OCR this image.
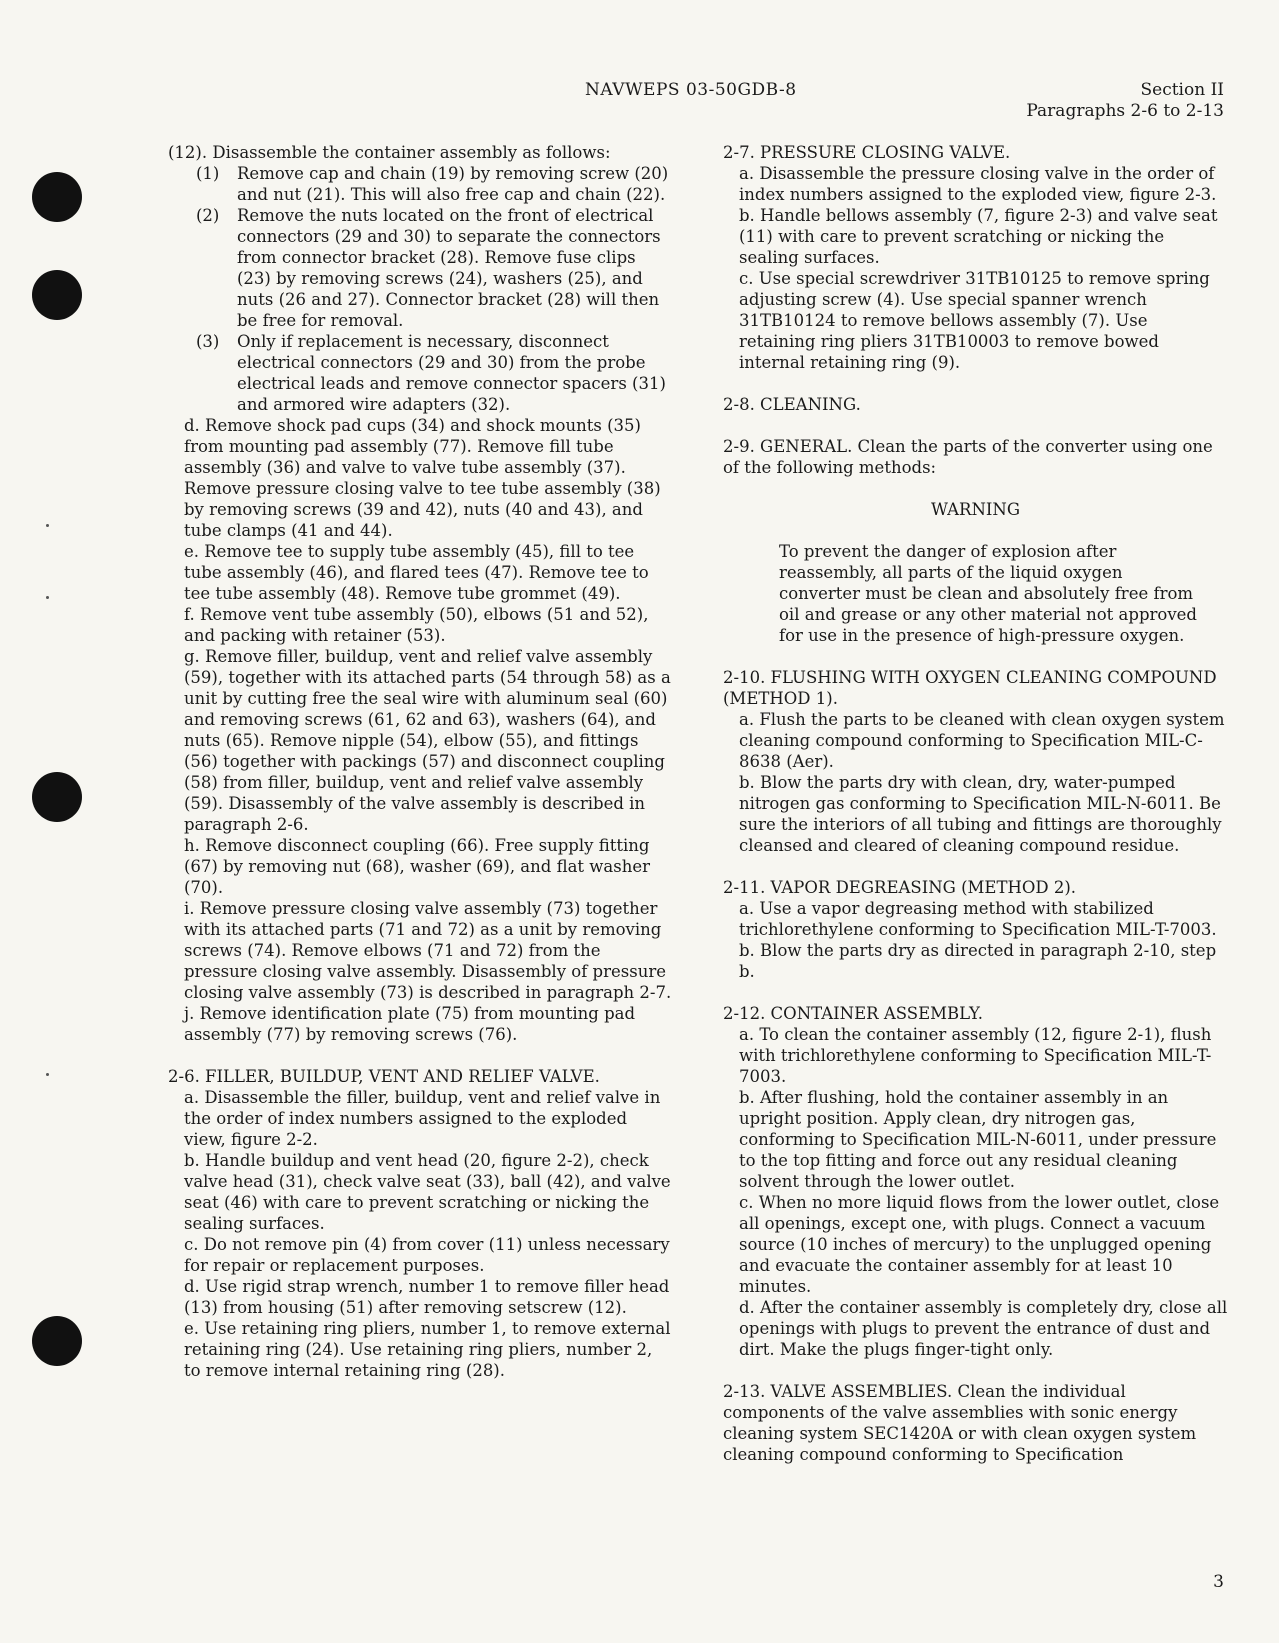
NAVWEPS 03-50GDB-8	Section II
Paragraphs 2-6 to 2-13

(12). Disassemble the container assembly as follows:

(1)	Remove cap and chain (19) by removing screw (20) and nut (21). This will also free cap and chain (22).
(2)	Remove the nuts located on the front of electrical connectors (29 and 30) to separate the connectors from connector bracket (28). Remove fuse clips (23) by removing screws (24), washers (25), and nuts (26 and 27). Connector bracket (28) will then be free for removal.
(3)	Only if replacement is necessary, disconnect electrical connectors (29 and 30) from the probe electrical leads and remove connector spacers (31) and armored wire adapters (32).

d. Remove shock pad cups (34) and shock mounts (35) from mounting pad assembly (77). Remove fill tube assembly (36) and valve to valve tube assembly (37). Remove pressure closing valve to tee tube assembly (38) by removing screws (39 and 42), nuts (40 and 43), and tube clamps (41 and 44).

e. Remove tee to supply tube assembly (45), fill to tee tube assembly (46), and flared tees (47). Remove tee to tee tube assembly (48). Remove tube grommet (49).

f. Remove vent tube assembly (50), elbows (51 and 52), and packing with retainer (53).

g. Remove filler, buildup, vent and relief valve assembly (59), together with its attached parts (54 through 58) as a unit by cutting free the seal wire with aluminum seal (60) and removing screws (61, 62 and 63), washers (64), and nuts (65). Remove nipple (54), elbow (55), and fittings (56) together with packings (57) and disconnect coupling (58) from filler, buildup, vent and relief valve assembly (59). Disassembly of the valve assembly is described in paragraph 2-6.

h. Remove disconnect coupling (66). Free supply fitting (67) by removing nut (68), washer (69), and flat washer (70).

i. Remove pressure closing valve assembly (73) together with its attached parts (71 and 72) as a unit by removing screws (74). Remove elbows (71 and 72) from the pressure closing valve assembly. Disassembly of pressure closing valve assembly (73) is described in paragraph 2-7.

j. Remove identification plate (75) from mounting pad assembly (77) by removing screws (76).

2-6. FILLER, BUILDUP, VENT AND RELIEF VALVE.

a. Disassemble the filler, buildup, vent and relief valve in the order of index numbers assigned to the exploded view, figure 2-2.

b. Handle buildup and vent head (20, figure 2-2), check valve head (31), check valve seat (33), ball (42), and valve seat (46) with care to prevent scratching or nicking the sealing surfaces.

c. Do not remove pin (4) from cover (11) unless necessary for repair or replacement purposes.

d. Use rigid strap wrench, number 1 to remove filler head (13) from housing (51) after removing setscrew (12).

e. Use retaining ring pliers, number 1, to remove external retaining ring (24). Use retaining ring pliers, number 2, to remove internal retaining ring (28).

2-7. PRESSURE CLOSING VALVE.

a. Disassemble the pressure closing valve in the order of index numbers assigned to the exploded view, figure 2-3.

b. Handle bellows assembly (7, figure 2-3) and valve seat (11) with care to prevent scratching or nicking the sealing surfaces.

c. Use special screwdriver 31TB10125 to remove spring adjusting screw (4). Use special spanner wrench 31TB10124 to remove bellows assembly (7). Use retaining ring pliers 31TB10003 to remove bowed internal retaining ring (9).

2-8. CLEANING.

2-9. GENERAL. Clean the parts of the converter using one of the following methods:

WARNING

To prevent the danger of explosion after reassembly, all parts of the liquid oxygen converter must be clean and absolutely free from oil and grease or any other material not approved for use in the presence of high-pressure oxygen.

2-10. FLUSHING WITH OXYGEN CLEANING COMPOUND (METHOD 1).

a. Flush the parts to be cleaned with clean oxygen system cleaning compound conforming to Specification MIL-C-8638 (Aer).

b. Blow the parts dry with clean, dry, water-pumped nitrogen gas conforming to Specification MIL-N-6011. Be sure the interiors of all tubing and fittings are thoroughly cleansed and cleared of cleaning compound residue.

2-11. VAPOR DEGREASING (METHOD 2).

a. Use a vapor degreasing method with stabilized trichlorethylene conforming to Specification MIL-T-7003.

b. Blow the parts dry as directed in paragraph 2-10, step b.

2-12. CONTAINER ASSEMBLY.

a. To clean the container assembly (12, figure 2-1), flush with trichlorethylene conforming to Specification MIL-T-7003.

b. After flushing, hold the container assembly in an upright position. Apply clean, dry nitrogen gas, conforming to Specification MIL-N-6011, under pressure to the top fitting and force out any residual cleaning solvent through the lower outlet.

c. When no more liquid flows from the lower outlet, close all openings, except one, with plugs. Connect a vacuum source (10 inches of mercury) to the unplugged opening and evacuate the container assembly for at least 10 minutes.

d. After the container assembly is completely dry, close all openings with plugs to prevent the entrance of dust and dirt. Make the plugs finger-tight only.

2-13. VALVE ASSEMBLIES. Clean the individual components of the valve assemblies with sonic energy cleaning system SEC1420A or with clean oxygen system cleaning compound conforming to Specification

3
